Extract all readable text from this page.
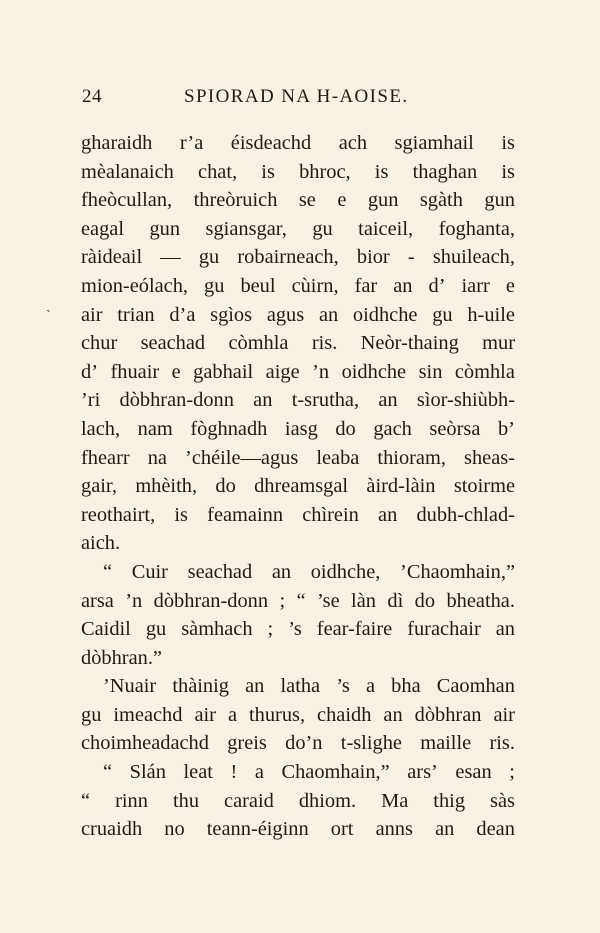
24	SPIORAD NA H-AOISE.
ˎ
gharaidh r’a éisdeachd ach sgiamhail is
mèalanaich chat, is bhroc, is thaghan is
fheòcullan, threòruich se e gun sgàth gun
eagal gun sgiansgar, gu taiceil, foghanta,
ràideail — gu robairneach, bior - shuileach,
mion-eólach, gu beul cùirn, far an d’ iarr e
air trian d’a sgìos agus an oidhche gu h-uile
chur seachad còmhla ris. Neòr-thaing mur
d’ fhuair e gabhail aige ’n oidhche sin còmhla
’ri dòbhran-donn an t-srutha, an sìor-shiùbh-
lach, nam fòghnadh iasg do gach seòrsa b’
fhearr na ’chéile—agus leaba thioram, sheas-
gair, mhèith, do dhreamsgal àird-làin stoirme
reothairt, is feamainn chìrein an dubh-chlad-
aich.
“ Cuir seachad an oidhche, ’Chaomhain,”
arsa ’n dòbhran-donn ; “ ’se làn dì do bheatha.
Caidil gu sàmhach ; ’s fear-faire furachair an
dòbhran.”
’Nuair thàinig an latha ’s a bha Caomhan
gu imeachd air a thurus, chaidh an dòbhran air
choimheadachd greis do’n t-slighe maille ris.
“ Slán leat ! a Chaomhain,” ars’ esan ;
“ rinn thu caraid dhiom. Ma thig sàs
cruaidh no teann-éiginn ort anns an dean
